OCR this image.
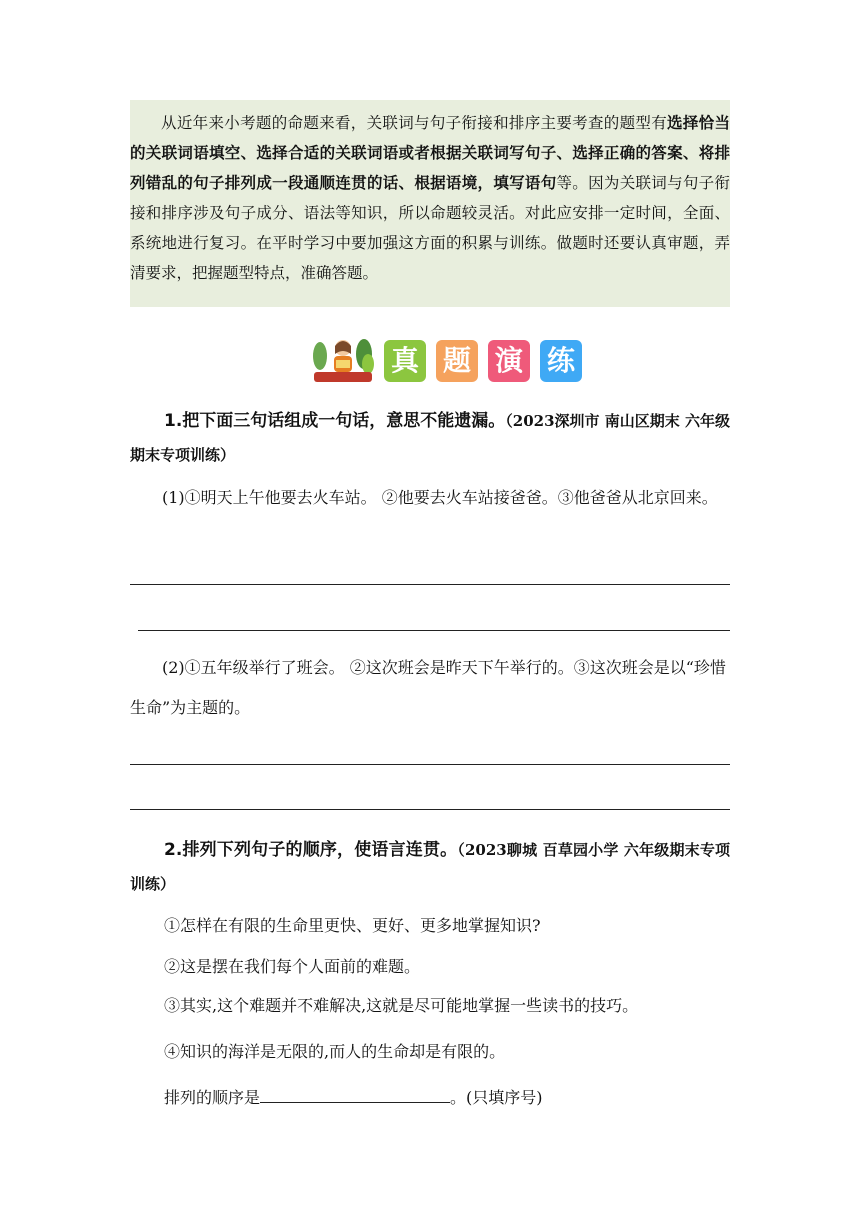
从近年来小考题的命题来看，关联词与句子衔接和排序主要考查的题型有选择恰当的关联词语填空、选择合适的关联词语或者根据关联词写句子、选择正确的答案、将排列错乱的句子排列成一段通顺连贯的话、根据语境，填写语句等。因为关联词与句子衔接和排序涉及句子成分、语法等知识，所以命题较灵活。对此应安排一定时间，全面、系统地进行复习。在平时学习中要加强这方面的积累与训练。做题时还要认真审题，弄清要求，把握题型特点，准确答题。

真 题 演 练
1.把下面三句话组成一句话，意思不能遗漏。（2023深圳市 南山区期末 六年级期末专项训练）
(1)①明天上午他要去火车站。 ②他要去火车站接爸爸。③他爸爸从北京回来。
(2)①五年级举行了班会。 ②这次班会是昨天下午举行的。③这次班会是以“珍惜生命”为主题的。
2.排列下列句子的顺序，使语言连贯。（2023聊城 百草园小学 六年级期末专项训练）
①怎样在有限的生命里更快、更好、更多地掌握知识?
②这是摆在我们每个人面前的难题。
③其实,这个难题并不难解决,这就是尽可能地掌握一些读书的技巧。
④知识的海洋是无限的,而人的生命却是有限的。
排列的顺序是	。(只填序号)
